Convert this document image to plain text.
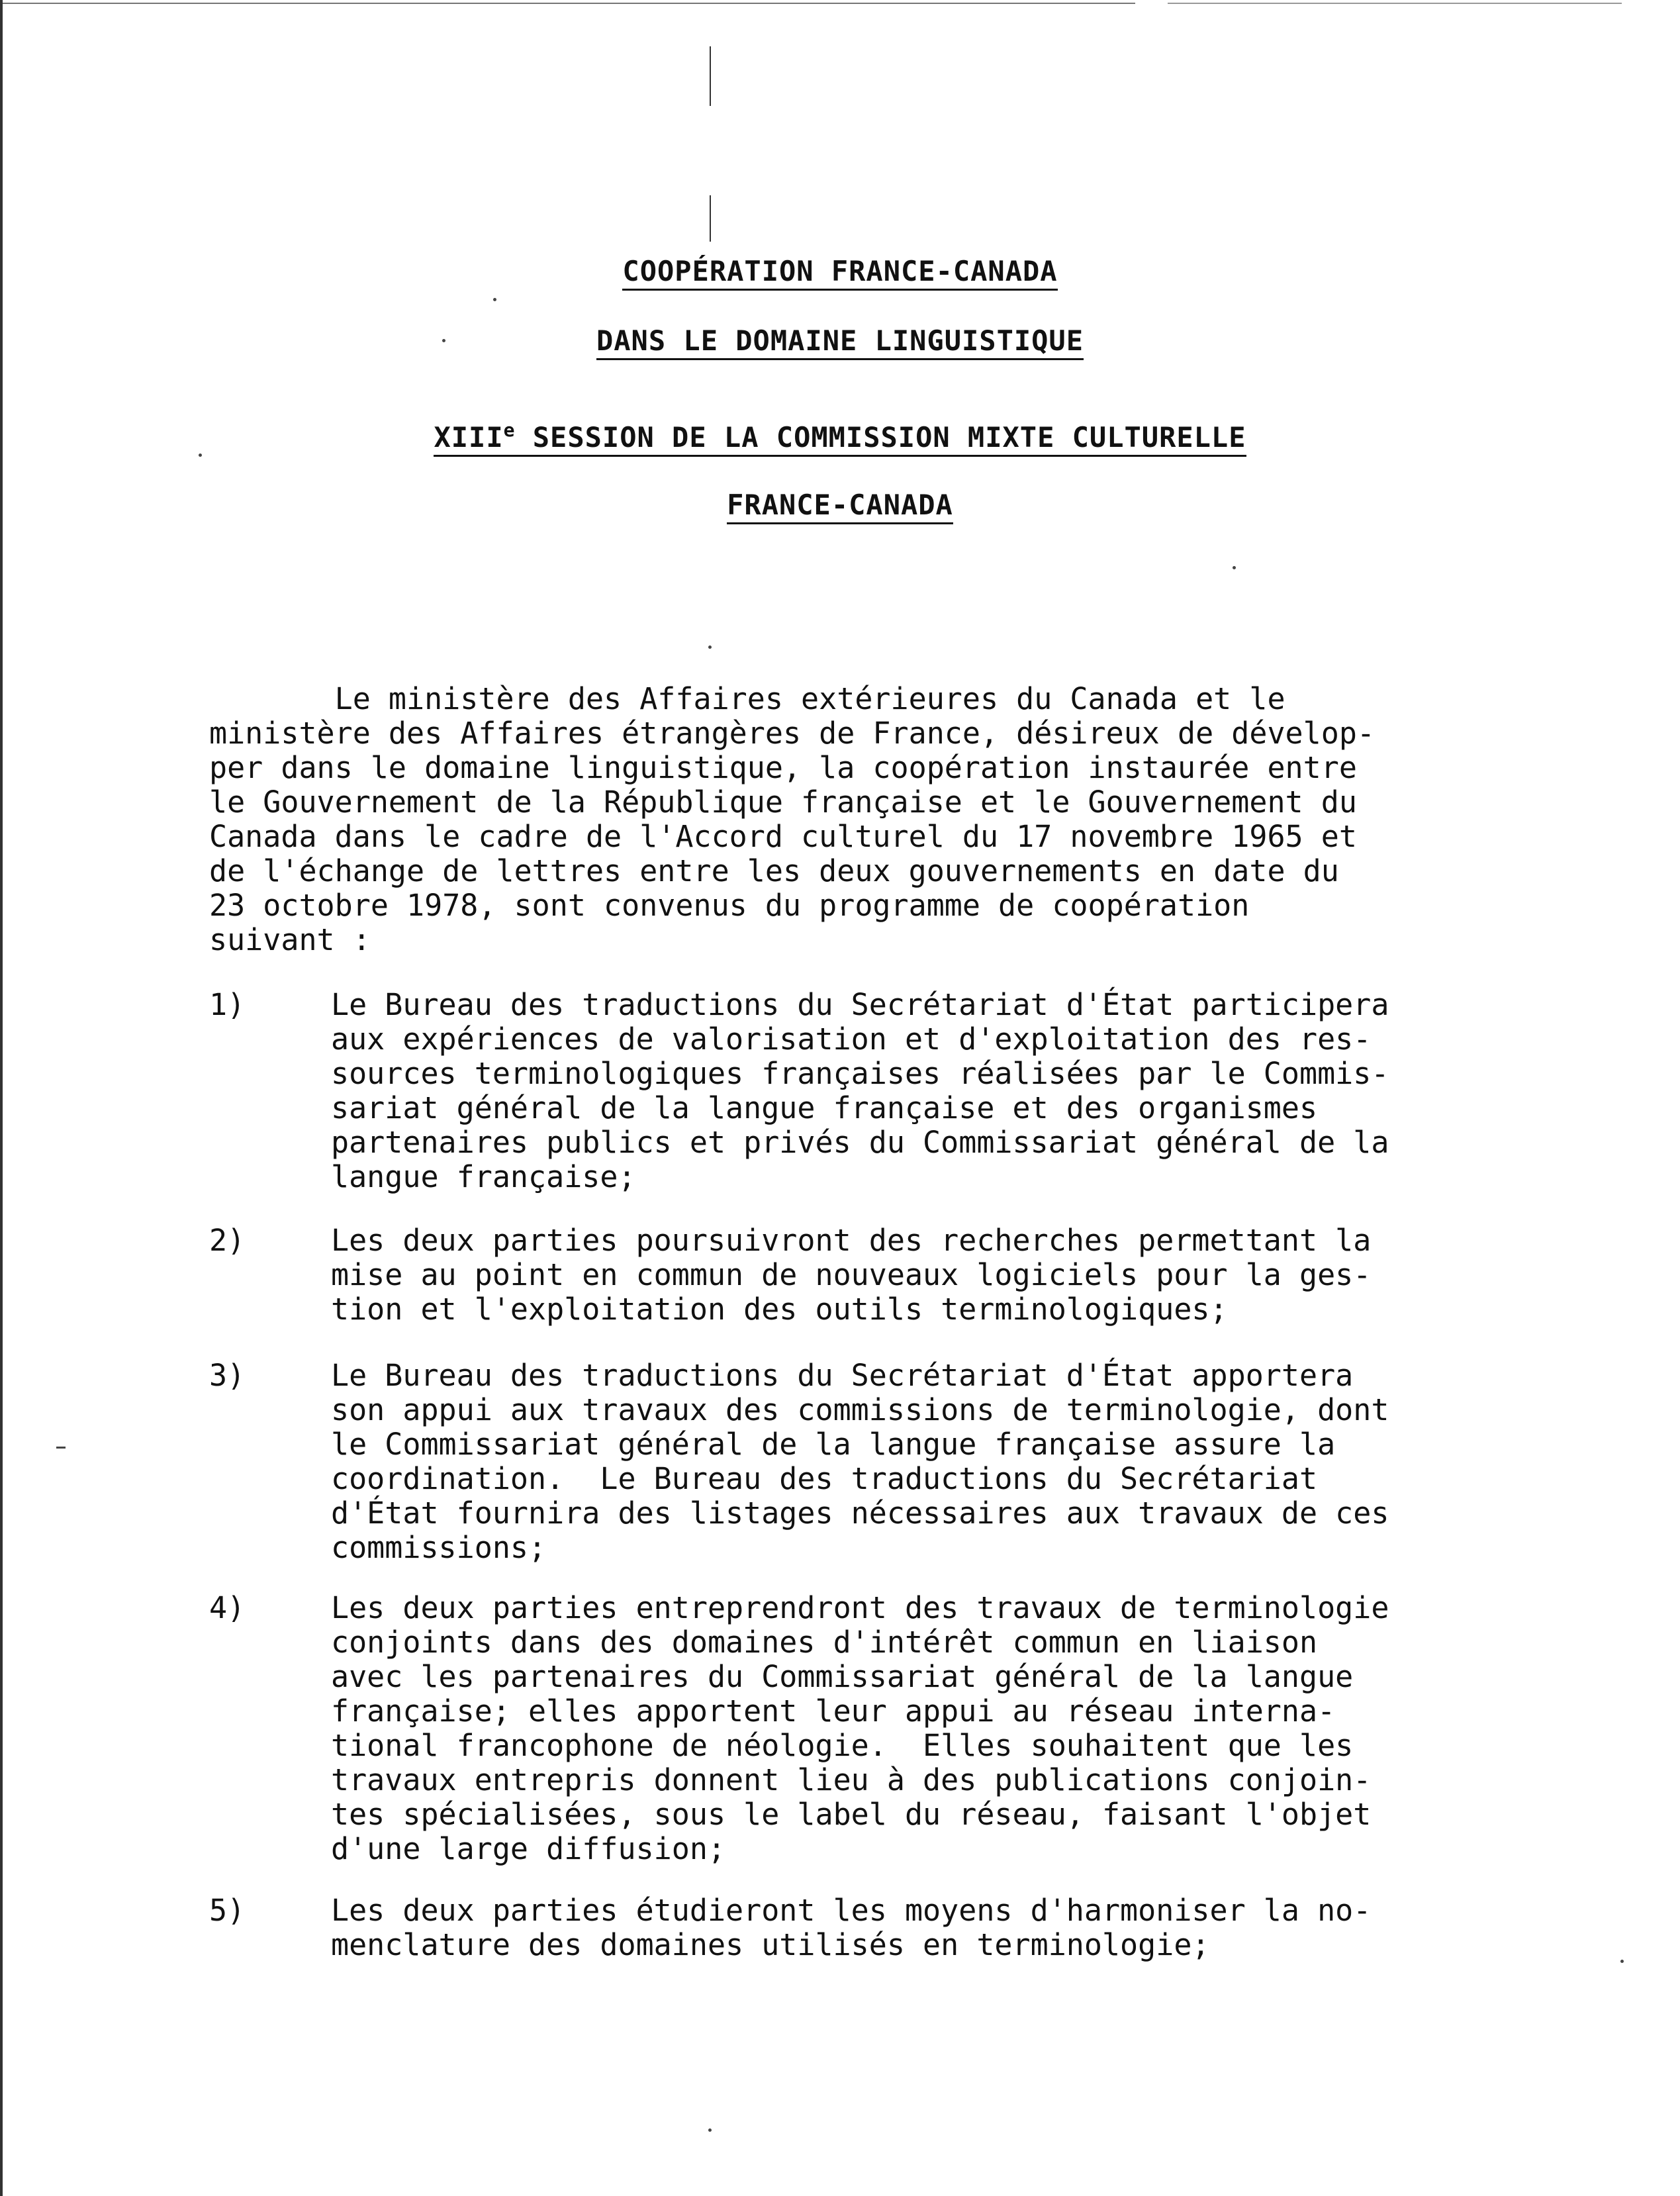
COOPÉRATION FRANCE-CANADA
DANS LE DOMAINE LINGUISTIQUE
XIIIe SESSION DE LA COMMISSION MIXTE CULTURELLE
FRANCE-CANADA
Le ministère des Affaires extérieures du Canada et le
ministère des Affaires étrangères de France, désireux de dévelop-
per dans le domaine linguistique, la coopération instaurée entre
le Gouvernement de la République française et le Gouvernement du
Canada dans le cadre de l'Accord culturel du 17 novembre 1965 et
de l'échange de lettres entre les deux gouvernements en date du
23 octobre 1978, sont convenus du programme de coopération
suivant :
1)	Le Bureau des traductions du Secrétariat d'État participera
aux expériences de valorisation et d'exploitation des res-
sources terminologiques françaises réalisées par le Commis-
sariat général de la langue française et des organismes
partenaires publics et privés du Commissariat général de la
langue française;
2)	Les deux parties poursuivront des recherches permettant la
mise au point en commun de nouveaux logiciels pour la ges-
tion et l'exploitation des outils terminologiques;
3)	Le Bureau des traductions du Secrétariat d'État apportera
son appui aux travaux des commissions de terminologie, dont
le Commissariat général de la langue française assure la
coordination.  Le Bureau des traductions du Secrétariat
d'État fournira des listages nécessaires aux travaux de ces
commissions;
4)	Les deux parties entreprendront des travaux de terminologie
conjoints dans des domaines d'intérêt commun en liaison
avec les partenaires du Commissariat général de la langue
française; elles apportent leur appui au réseau interna-
tional francophone de néologie.  Elles souhaitent que les
travaux entrepris donnent lieu à des publications conjoin-
tes spécialisées, sous le label du réseau, faisant l'objet
d'une large diffusion;
5)	Les deux parties étudieront les moyens d'harmoniser la no-
menclature des domaines utilisés en terminologie;
